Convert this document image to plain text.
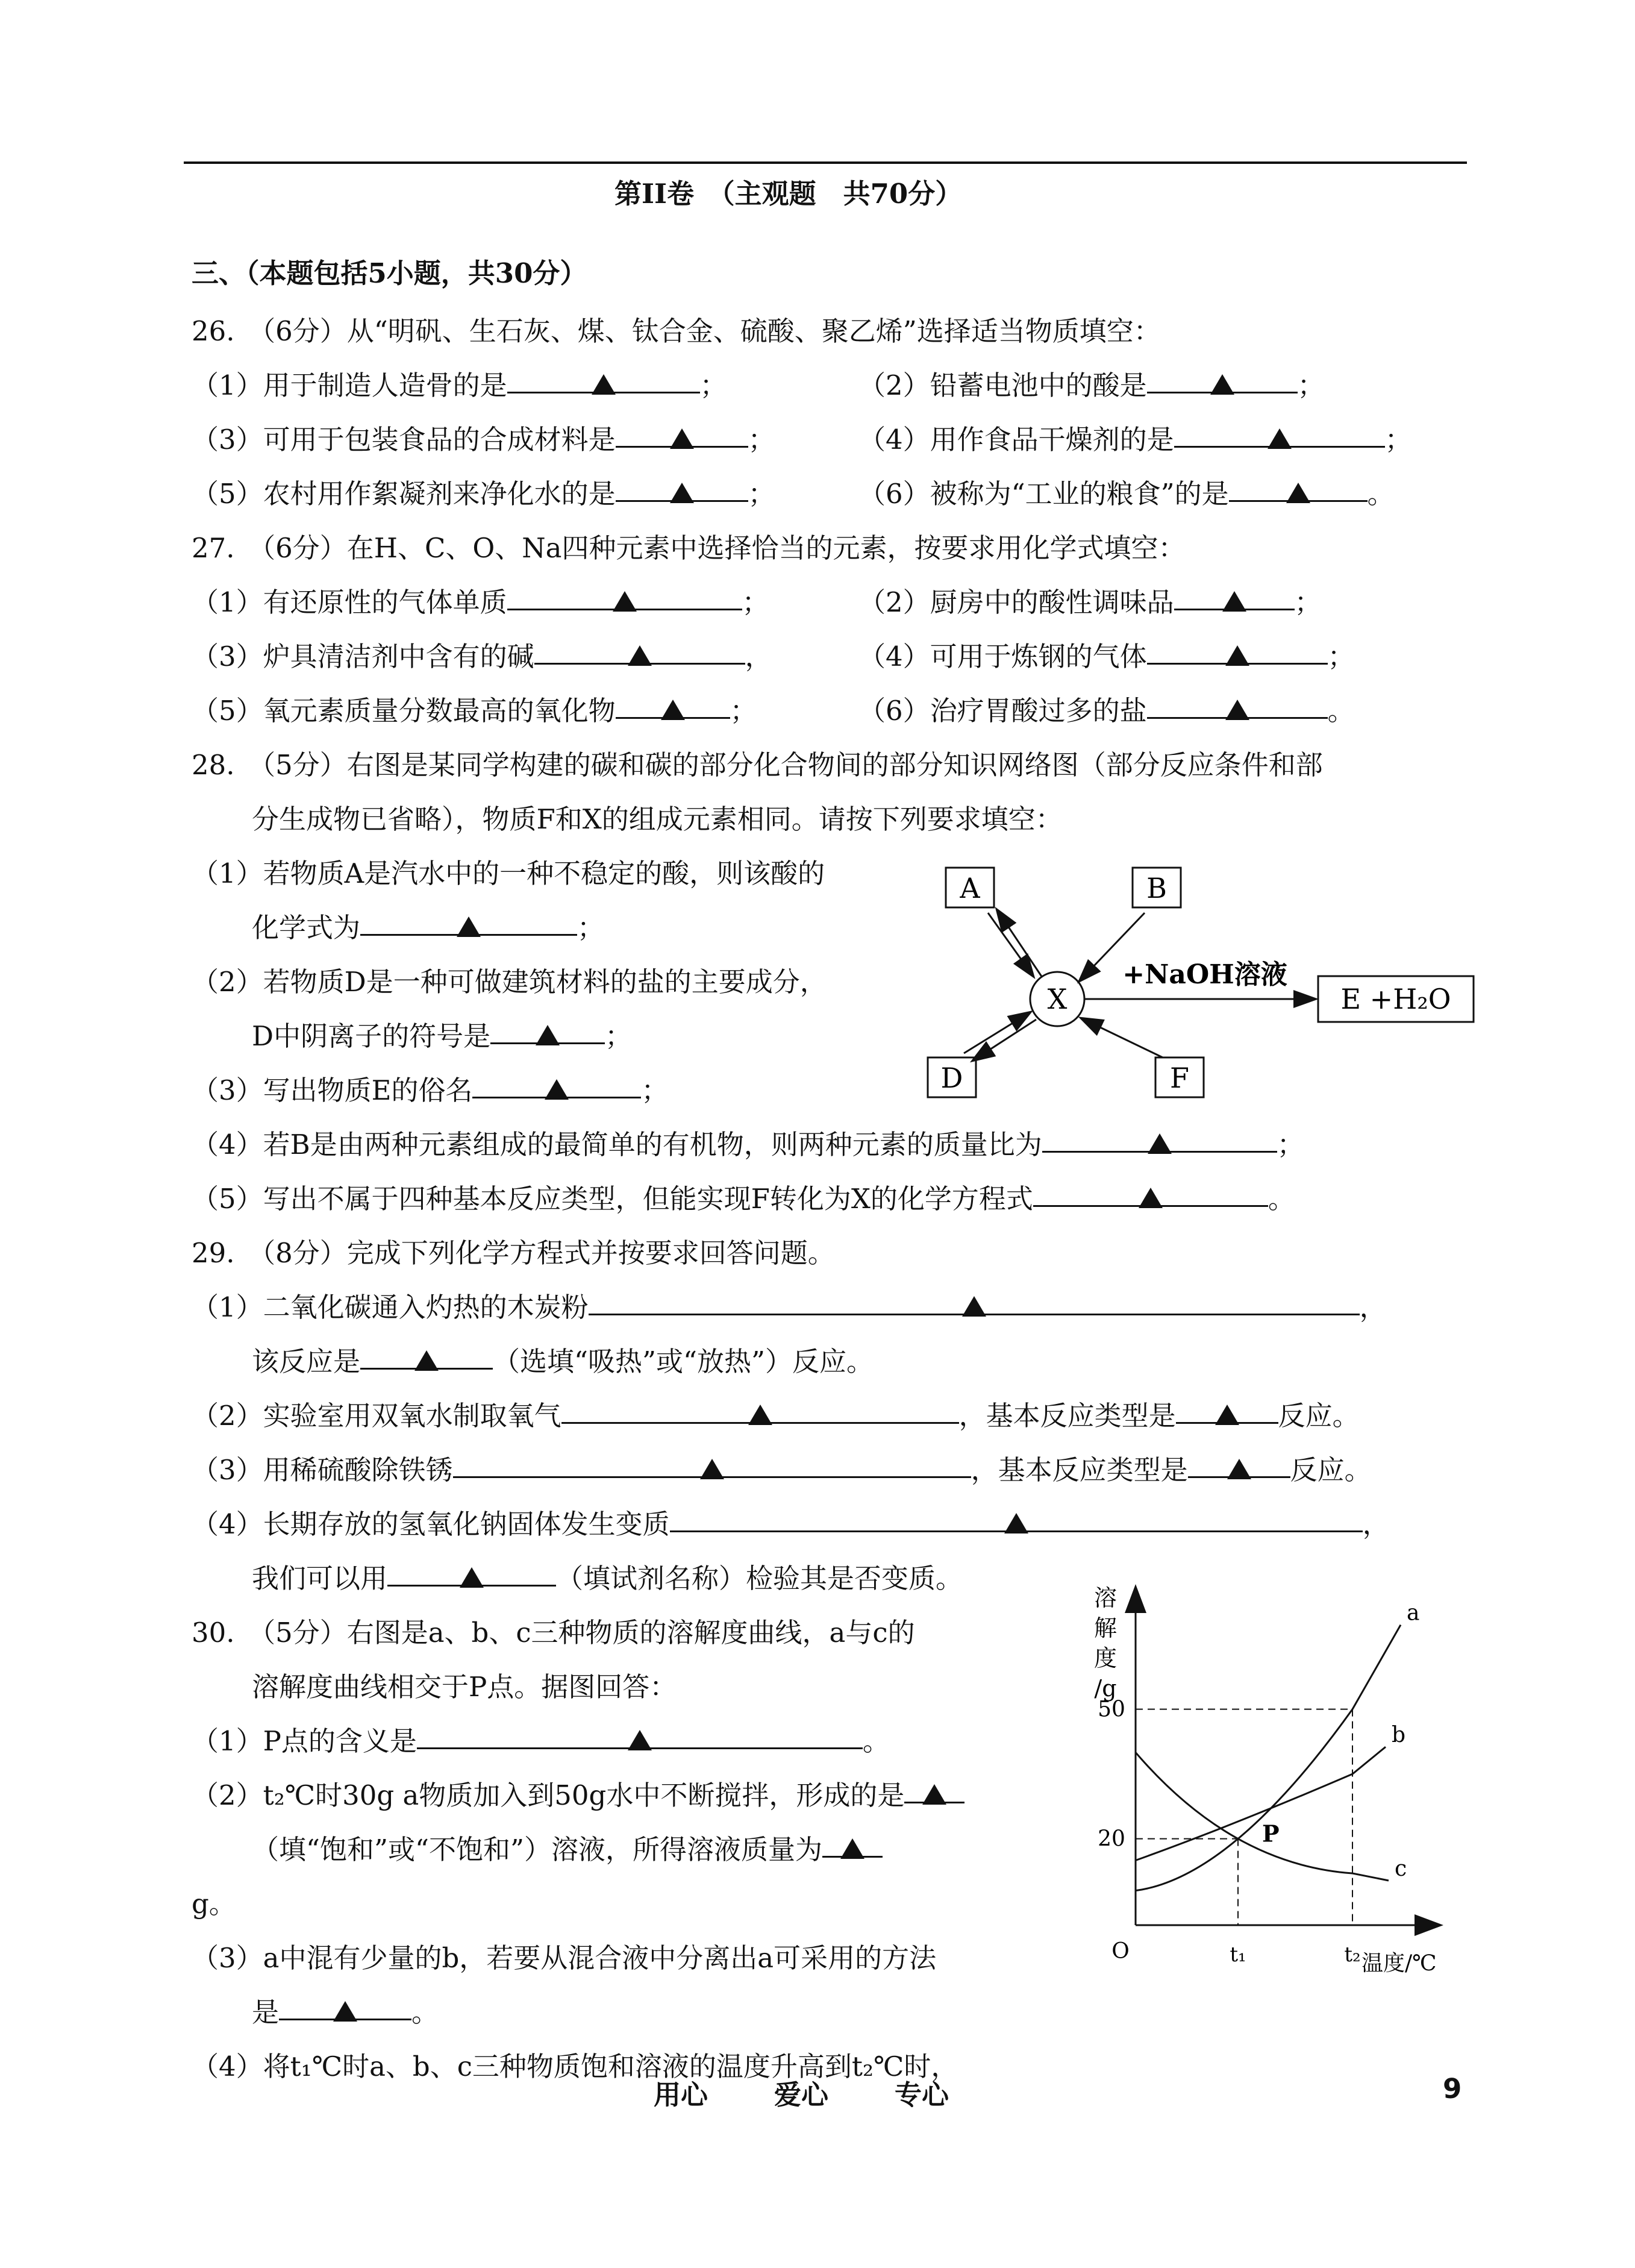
第II卷　（主观题　共70分）
三、（本题包括5小题，共30分）
26.　（6分）从“明矾、生石灰、煤、钛合金、硫酸、聚乙烯”选择适当物质填空：
（1）用于制造人造骨的是	；	（2）铅蓄电池中的酸是	；
（3）可用于包装食品的合成材料是	；	（4）用作食品干燥剂的是	；
（5）农村用作絮凝剂来净化水的是	；	（6）被称为“工业的粮食”的是	。
27.　（6分）在H、C、O、Na四种元素中选择恰当的元素，按要求用化学式填空：
（1）有还原性的气体单质	；	（2）厨房中的酸性调味品	；
（3）炉具清洁剂中含有的碱	，	（4）可用于炼钢的气体	；
（5）氧元素质量分数最高的氧化物	；	（6）治疗胃酸过多的盐	。
28.　（5分）右图是某同学构建的碳和碳的部分化合物间的部分知识网络图（部分反应条件和部
分生成物已省略），物质F和X的组成元素相同。请按下列要求填空：
（1）若物质A是汽水中的一种不稳定的酸，则该酸的
化学式为	；
（2）若物质D是一种可做建筑材料的盐的主要成分，
D中阴离子的符号是	；
（3）写出物质E的俗名	；
（4）若B是由两种元素组成的最简单的有机物，则两种元素的质量比为	；
（5）写出不属于四种基本反应类型，但能实现F转化为X的化学方程式	。
A	B
D	F
X	E +H₂O
+NaOH溶液
29.　（8分）完成下列化学方程式并按要求回答问题。
（1）二氧化碳通入灼热的木炭粉	，
该反应是	（选填“吸热”或“放热”）反应。
（2）实验室用双氧水制取氧气	，基本反应类型是	反应。
（3）用稀硫酸除铁锈	，基本反应类型是	反应。
（4）长期存放的氢氧化钠固体发生变质	，
我们可以用	（填试剂名称）检验其是否变质。
30.　（5分）右图是a、b、c三种物质的溶解度曲线，a与c的
溶解度曲线相交于P点。据图回答：
（1）P点的含义是	。
（2）t₂℃时30g a物质加入到50g水中不断搅拌，形成的是
（填“饱和”或“不饱和”）溶液，所得溶液质量为
g。
（3）a中混有少量的b，若要从混合液中分离出a可采用的方法
是	。
（4）将t₁℃时a、b、c三种物质饱和溶液的温度升高到t₂℃时，
溶
解
度
/g
温度/℃
O
20
50
t₁	t₂
a
b
c
P
用心 爱心 专心	9
